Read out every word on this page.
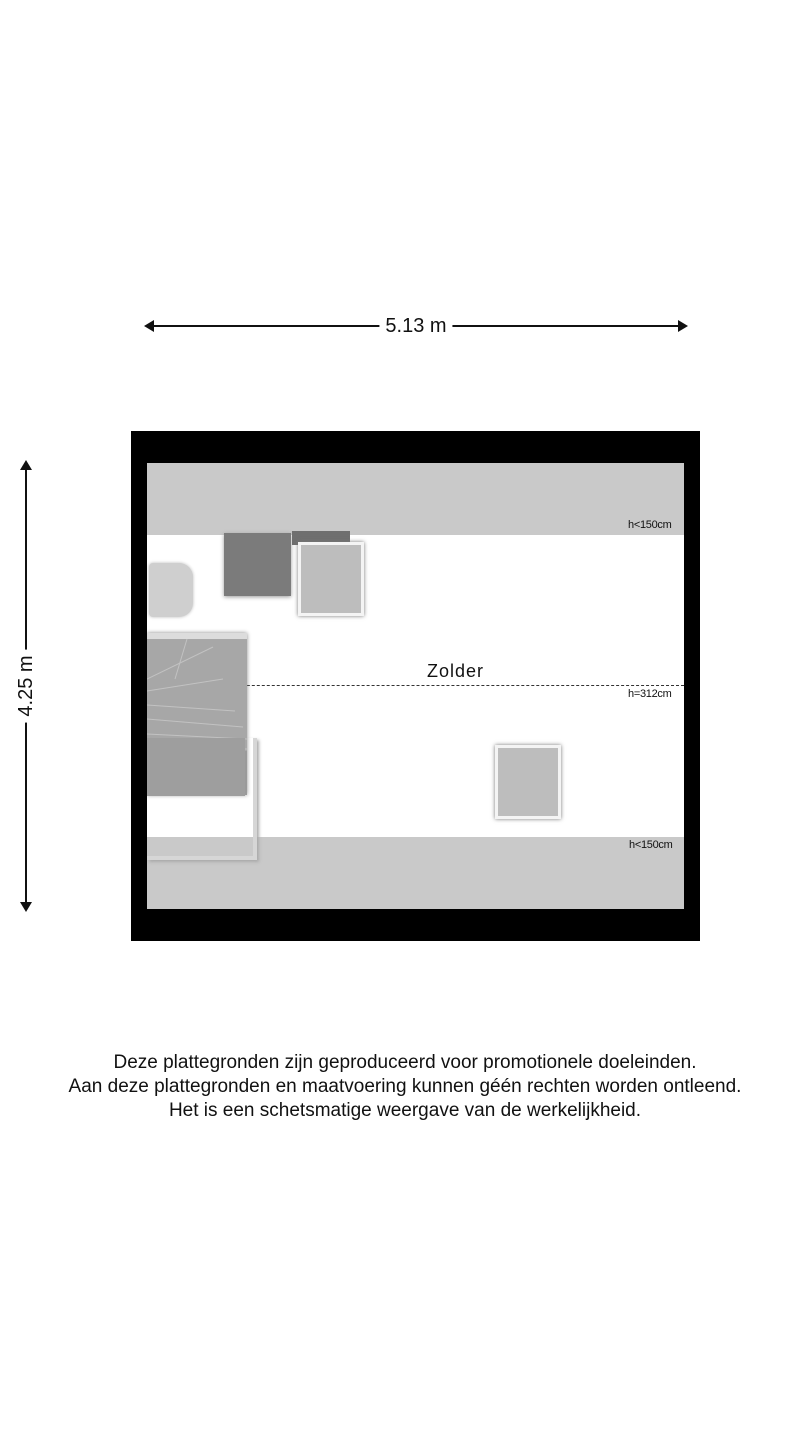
5.13 m
4.25 m
h<150cm
Zolder
h=312cm
h<150cm
Deze plattegronden zijn geproduceerd voor promotionele doeleinden.
Aan deze plattegronden en maatvoering kunnen géén rechten worden ontleend.
Het is een schetsmatige weergave van de werkelijkheid.
